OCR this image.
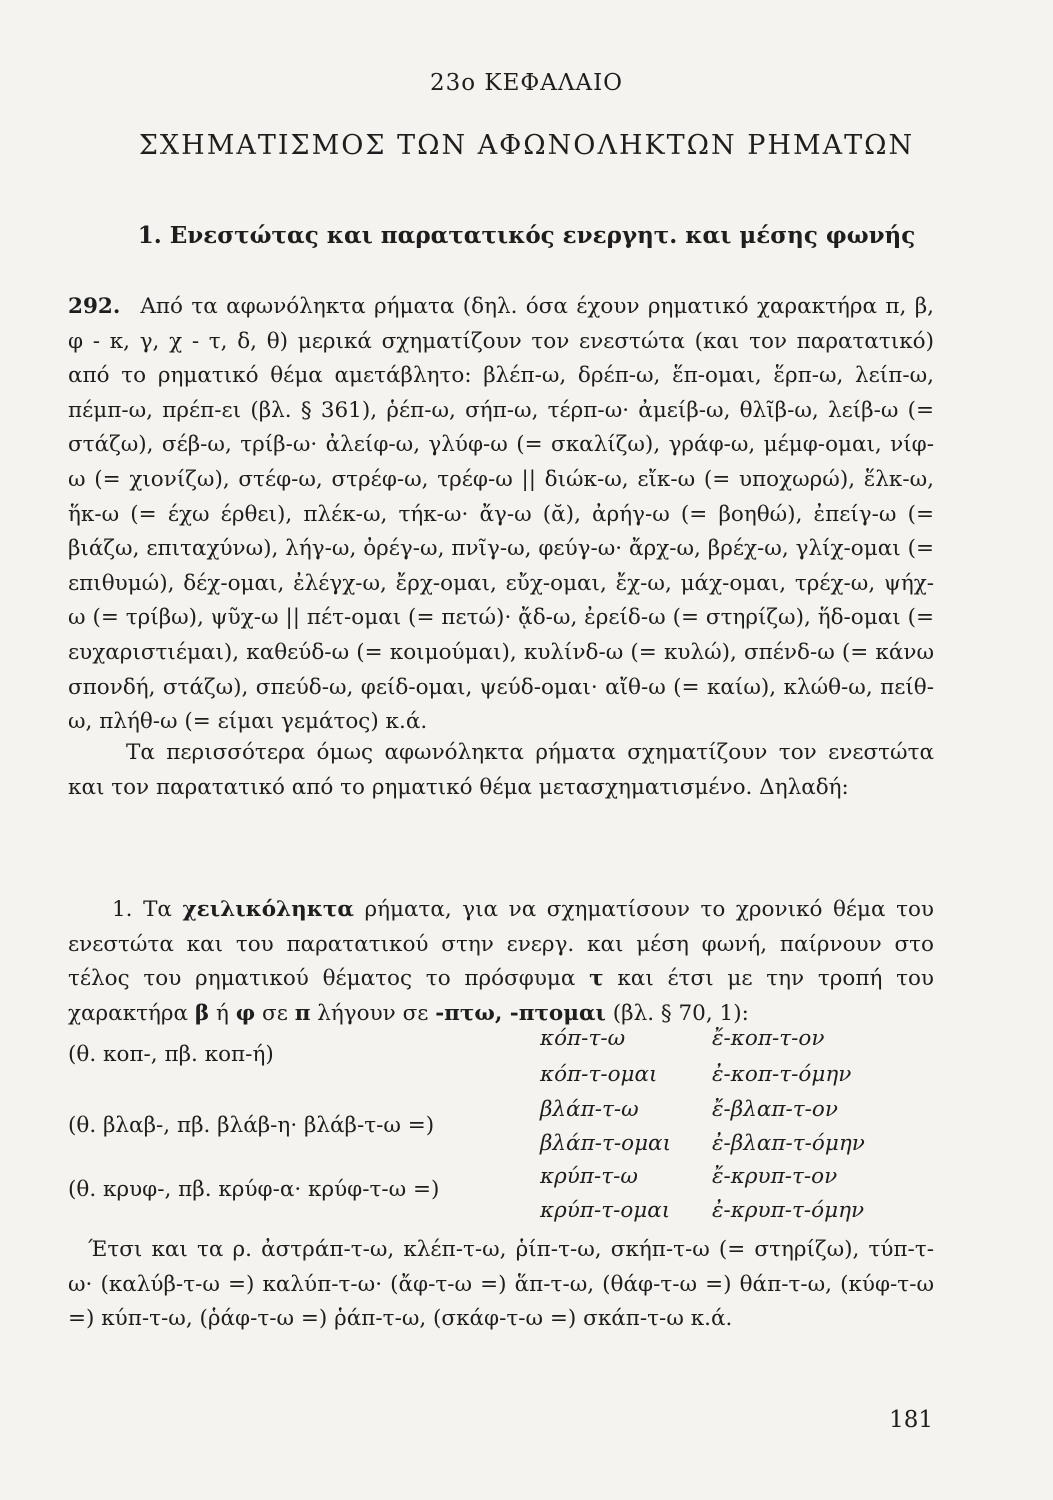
23ο ΚΕΦΑΛΑΙΟ
ΣΧΗΜΑΤΙΣΜΟΣ ΤΩΝ ΑΦΩΝΟΛΗΚΤΩΝ ΡΗΜΑΤΩΝ
1. Ενεστώτας και παρατατικός ενεργητ. και μέσης φωνής
292. Από τα αφωνόληκτα ρήματα (δηλ. όσα έχουν ρηματικό χαρακτήρα π, β, φ - κ, γ, χ - τ, δ, θ) μερικά σχηματίζουν τον ενεστώτα (και τον παρατατικό) από το ρηματικό θέμα αμετάβλητο: βλέπ-ω, δρέπ-ω, ἕπ-ομαι, ἕρπ-ω, λείπ-ω, πέμπ-ω, πρέπ-ει (βλ. § 361), ῥέπ-ω, σήπ-ω, τέρπ-ω· ἀμείβ-ω, θλῖβ-ω, λείβ-ω (= στάζω), σέβ-ω, τρίβ-ω· ἀλείφ-ω, γλύφ-ω (= σκαλίζω), γράφ-ω, μέμφ-ομαι, νίφ-ω (= χιονίζω), στέφ-ω, στρέφ-ω, τρέφ-ω || διώκ-ω, εἴκ-ω (= υποχωρώ), ἕλκ-ω, ἥκ-ω (= έχω έρθει), πλέκ-ω, τήκ-ω· ἄγ-ω (ᾰ), ἀρήγ-ω (= βοηθώ), ἐπείγ-ω (= βιάζω, επιταχύνω), λήγ-ω, ὀρέγ-ω, πνῖγ-ω, φεύγ-ω· ἄρχ-ω, βρέχ-ω, γλίχ-ομαι (= επιθυμώ), δέχ-ομαι, ἐλέγχ-ω, ἔρχ-ομαι, εὔχ-ομαι, ἔχ-ω, μάχ-ομαι, τρέχ-ω, ψήχ-ω (= τρίβω), ψῦχ-ω || πέτ-ομαι (= πετώ)· ᾄδ-ω, ἐρείδ-ω (= στηρίζω), ἥδ-ομαι (= ευχαριστιέμαι), καθεύδ-ω (= κοιμούμαι), κυλίνδ-ω (= κυλώ), σπένδ-ω (= κάνω σπονδή, στάζω), σπεύδ-ω, φείδ-ομαι, ψεύδ-ομαι· αἴθ-ω (= καίω), κλώθ-ω, πείθ-ω, πλήθ-ω (= είμαι γεμάτος) κ.ά.
Τα περισσότερα όμως αφωνόληκτα ρήματα σχηματίζουν τον ενεστώτα και τον παρατατικό από το ρηματικό θέμα μετασχηματισμένο. Δηλαδή:
1. Τα χειλικόληκτα ρήματα, για να σχηματίσουν το χρονικό θέμα του ενεστώτα και του παρατατικού στην ενεργ. και μέση φωνή, παίρνουν στο τέλος του ρηματικού θέματος το πρόσφυμα τ και έτσι με την τροπή του χαρακτήρα β ή φ σε π λήγουν σε -πτω, -πτομαι (βλ. § 70, 1):
(θ. κοπ-, πβ. κοπ-ή)
κόπ-τ-ω	ἔ-κοπ-τ-ον
κόπ-τ-ομαι	ἐ-κοπ-τ-όμην
(θ. βλαβ-, πβ. βλάβ-η· βλάβ-τ-ω =)
βλάπ-τ-ω	ἔ-βλαπ-τ-ον
βλάπ-τ-ομαι ἐ-βλαπ-τ-όμην
(θ. κρυφ-, πβ. κρύφ-α· κρύφ-τ-ω =)
κρύπ-τ-ω	ἔ-κρυπ-τ-ον
κρύπ-τ-ομαι ἐ-κρυπ-τ-όμην
Έτσι και τα ρ. ἀστράπ-τ-ω, κλέπ-τ-ω, ῥίπ-τ-ω, σκήπ-τ-ω (= στηρίζω), τύπ-τ-ω· (καλύβ-τ-ω =) καλύπ-τ-ω· (ἄφ-τ-ω =) ἅπ-τ-ω, (θάφ-τ-ω =) θάπ-τ-ω, (κύφ-τ-ω =) κύπ-τ-ω, (ῥάφ-τ-ω =) ῥάπ-τ-ω, (σκάφ-τ-ω =) σκάπ-τ-ω κ.ά.
181
